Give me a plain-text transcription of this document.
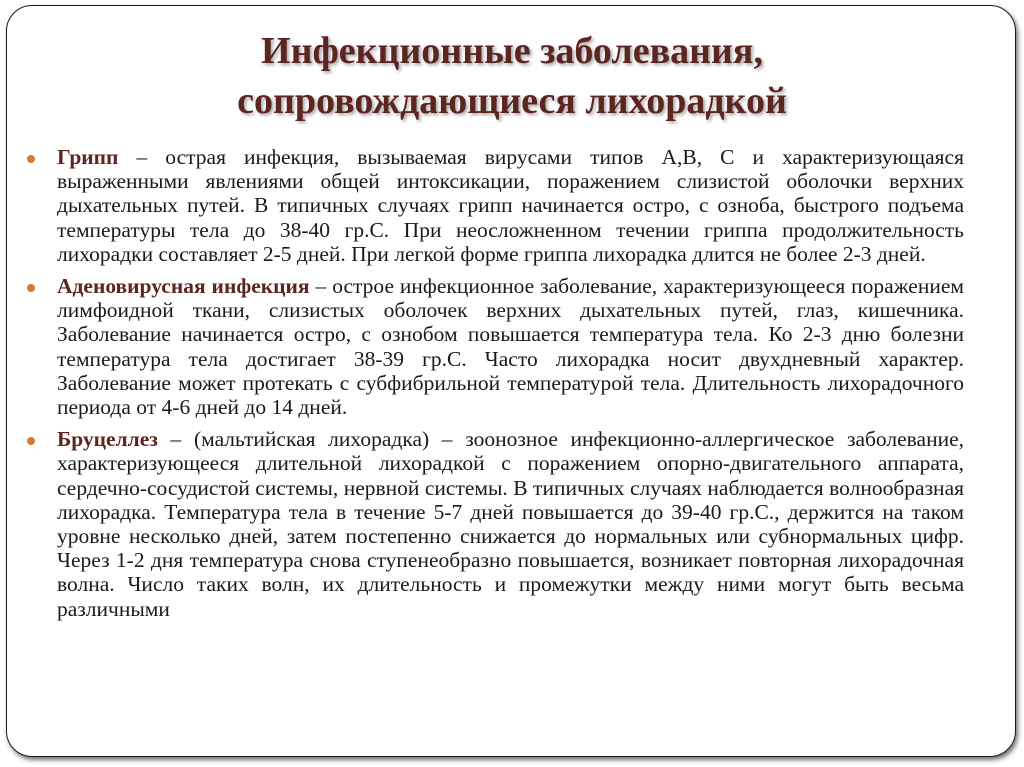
Инфекционные заболевания,
сопровождающиеся лихорадкой
Грипп – острая инфекция, вызываемая вирусами типов А,В, С и характеризующаяся выраженными явлениями общей интоксикации, поражением слизистой оболочки верхних дыхательных путей. В типичных случаях грипп начинается остро, с озноба, быстрого подъема температуры тела до 38-40 гр.С. При неосложненном течении гриппа продолжительность лихорадки составляет 2-5 дней. При легкой форме гриппа лихорадка длится не более 2-3 дней.
Аденовирусная инфекция – острое инфекционное заболевание, характеризующееся поражением лимфоидной ткани, слизистых оболочек верхних дыхательных путей, глаз, кишечника. Заболевание начинается остро, с ознобом повышается температура тела. Ко 2-3 дню болезни температура тела достигает 38-39 гр.С. Часто лихорадка носит двухдневный характер. Заболевание может протекать с субфибрильной температурой тела. Длительность лихорадочного периода от 4-6 дней до 14 дней.
Бруцеллез – (мальтийская лихорадка) – зоонозное инфекционно-аллергическое заболевание, характеризующееся длительной лихорадкой с поражением опорно-двигательного аппарата, сердечно-сосудистой системы, нервной системы. В типичных случаях наблюдается волнообразная лихорадка. Температура тела в течение 5-7 дней повышается до 39-40 гр.С., держится на таком уровне несколько дней, затем постепенно снижается до нормальных или субнормальных цифр. Через 1-2 дня температура снова ступенеобразно повышается, возникает повторная лихорадочная волна. Число таких волн, их длительность и промежутки между ними могут быть весьма различными
